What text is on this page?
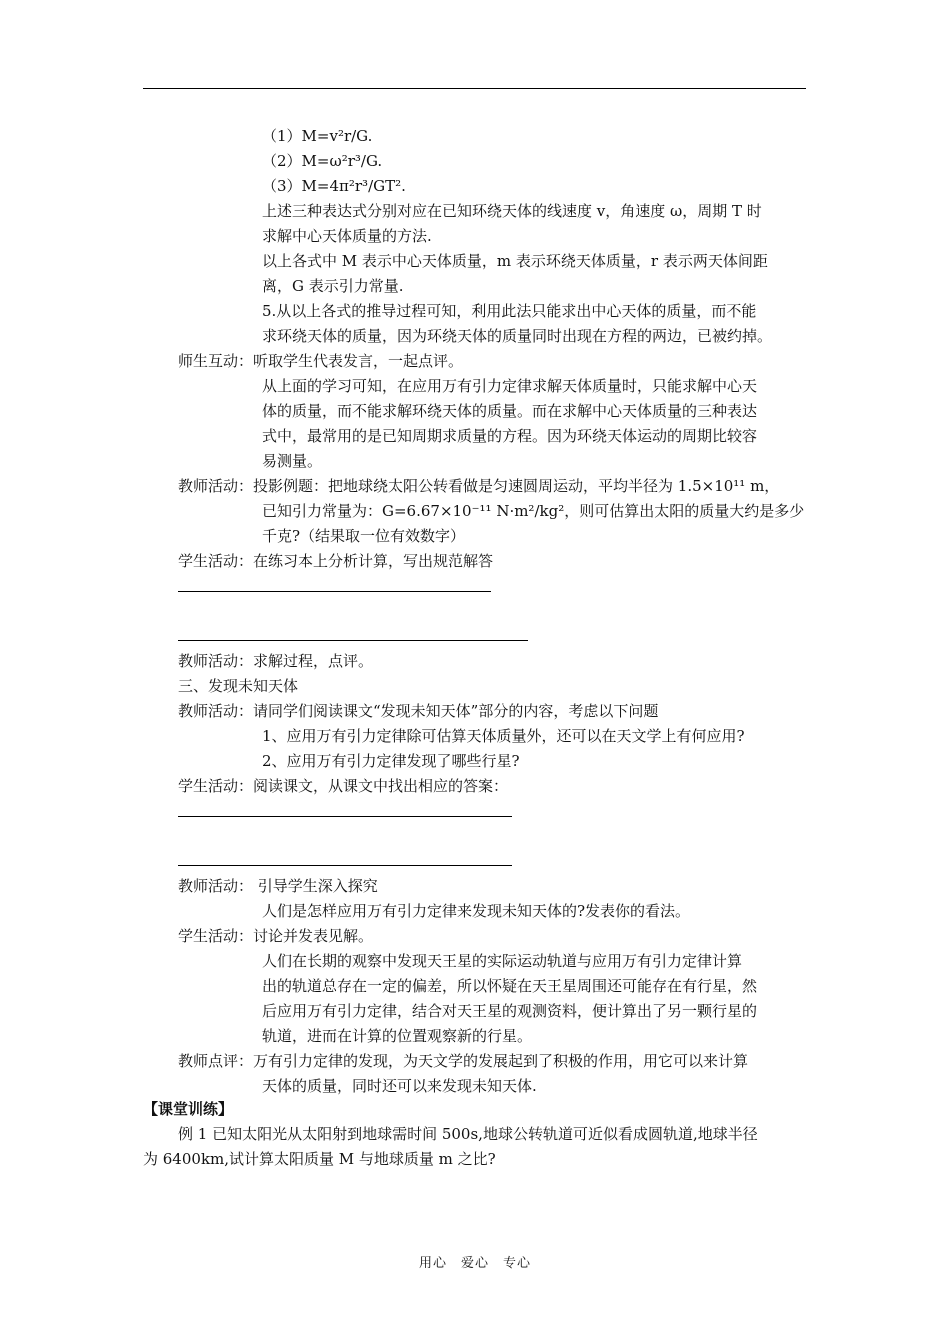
（1）M=v²r/G.
（2）M=ω²r³/G.
（3）M=4π²r³/GT².
上述三种表达式分别对应在已知环绕天体的线速度 v，角速度 ω，周期 T 时
求解中心天体质量的方法.
以上各式中 M 表示中心天体质量，m 表示环绕天体质量，r 表示两天体间距
离，G 表示引力常量.
5.从以上各式的推导过程可知，利用此法只能求出中心天体的质量，而不能
求环绕天体的质量，因为环绕天体的质量同时出现在方程的两边，已被约掉。
师生互动：听取学生代表发言，一起点评。
从上面的学习可知，在应用万有引力定律求解天体质量时，只能求解中心天
体的质量，而不能求解环绕天体的质量。而在求解中心天体质量的三种表达
式中，最常用的是已知周期求质量的方程。因为环绕天体运动的周期比较容
易测量。
教师活动：投影例题：把地球绕太阳公转看做是匀速圆周运动，平均半径为 1.5×10¹¹ m，
已知引力常量为：G=6.67×10⁻¹¹ N·m²/kg²，则可估算出太阳的质量大约是多少
千克?（结果取一位有效数字）
学生活动：在练习本上分析计算，写出规范解答
教师活动：求解过程，点评。
三、发现未知天体
教师活动：请同学们阅读课文“发现未知天体”部分的内容，考虑以下问题
1、应用万有引力定律除可估算天体质量外，还可以在天文学上有何应用?
2、应用万有引力定律发现了哪些行星?
学生活动：阅读课文，从课文中找出相应的答案：
教师活动： 引导学生深入探究
人们是怎样应用万有引力定律来发现未知天体的?发表你的看法。
学生活动：讨论并发表见解。
人们在长期的观察中发现天王星的实际运动轨道与应用万有引力定律计算
出的轨道总存在一定的偏差，所以怀疑在天王星周围还可能存在有行星，然
后应用万有引力定律，结合对天王星的观测资料，便计算出了另一颗行星的
轨道，进而在计算的位置观察新的行星。
教师点评：万有引力定律的发现，为天文学的发展起到了积极的作用，用它可以来计算
天体的质量，同时还可以来发现未知天体.
【课堂训练】
例 1 已知太阳光从太阳射到地球需时间 500s,地球公转轨道可近似看成圆轨道,地球半径
为 6400km,试计算太阳质量 M 与地球质量 m 之比?
用心　爱心　专心
